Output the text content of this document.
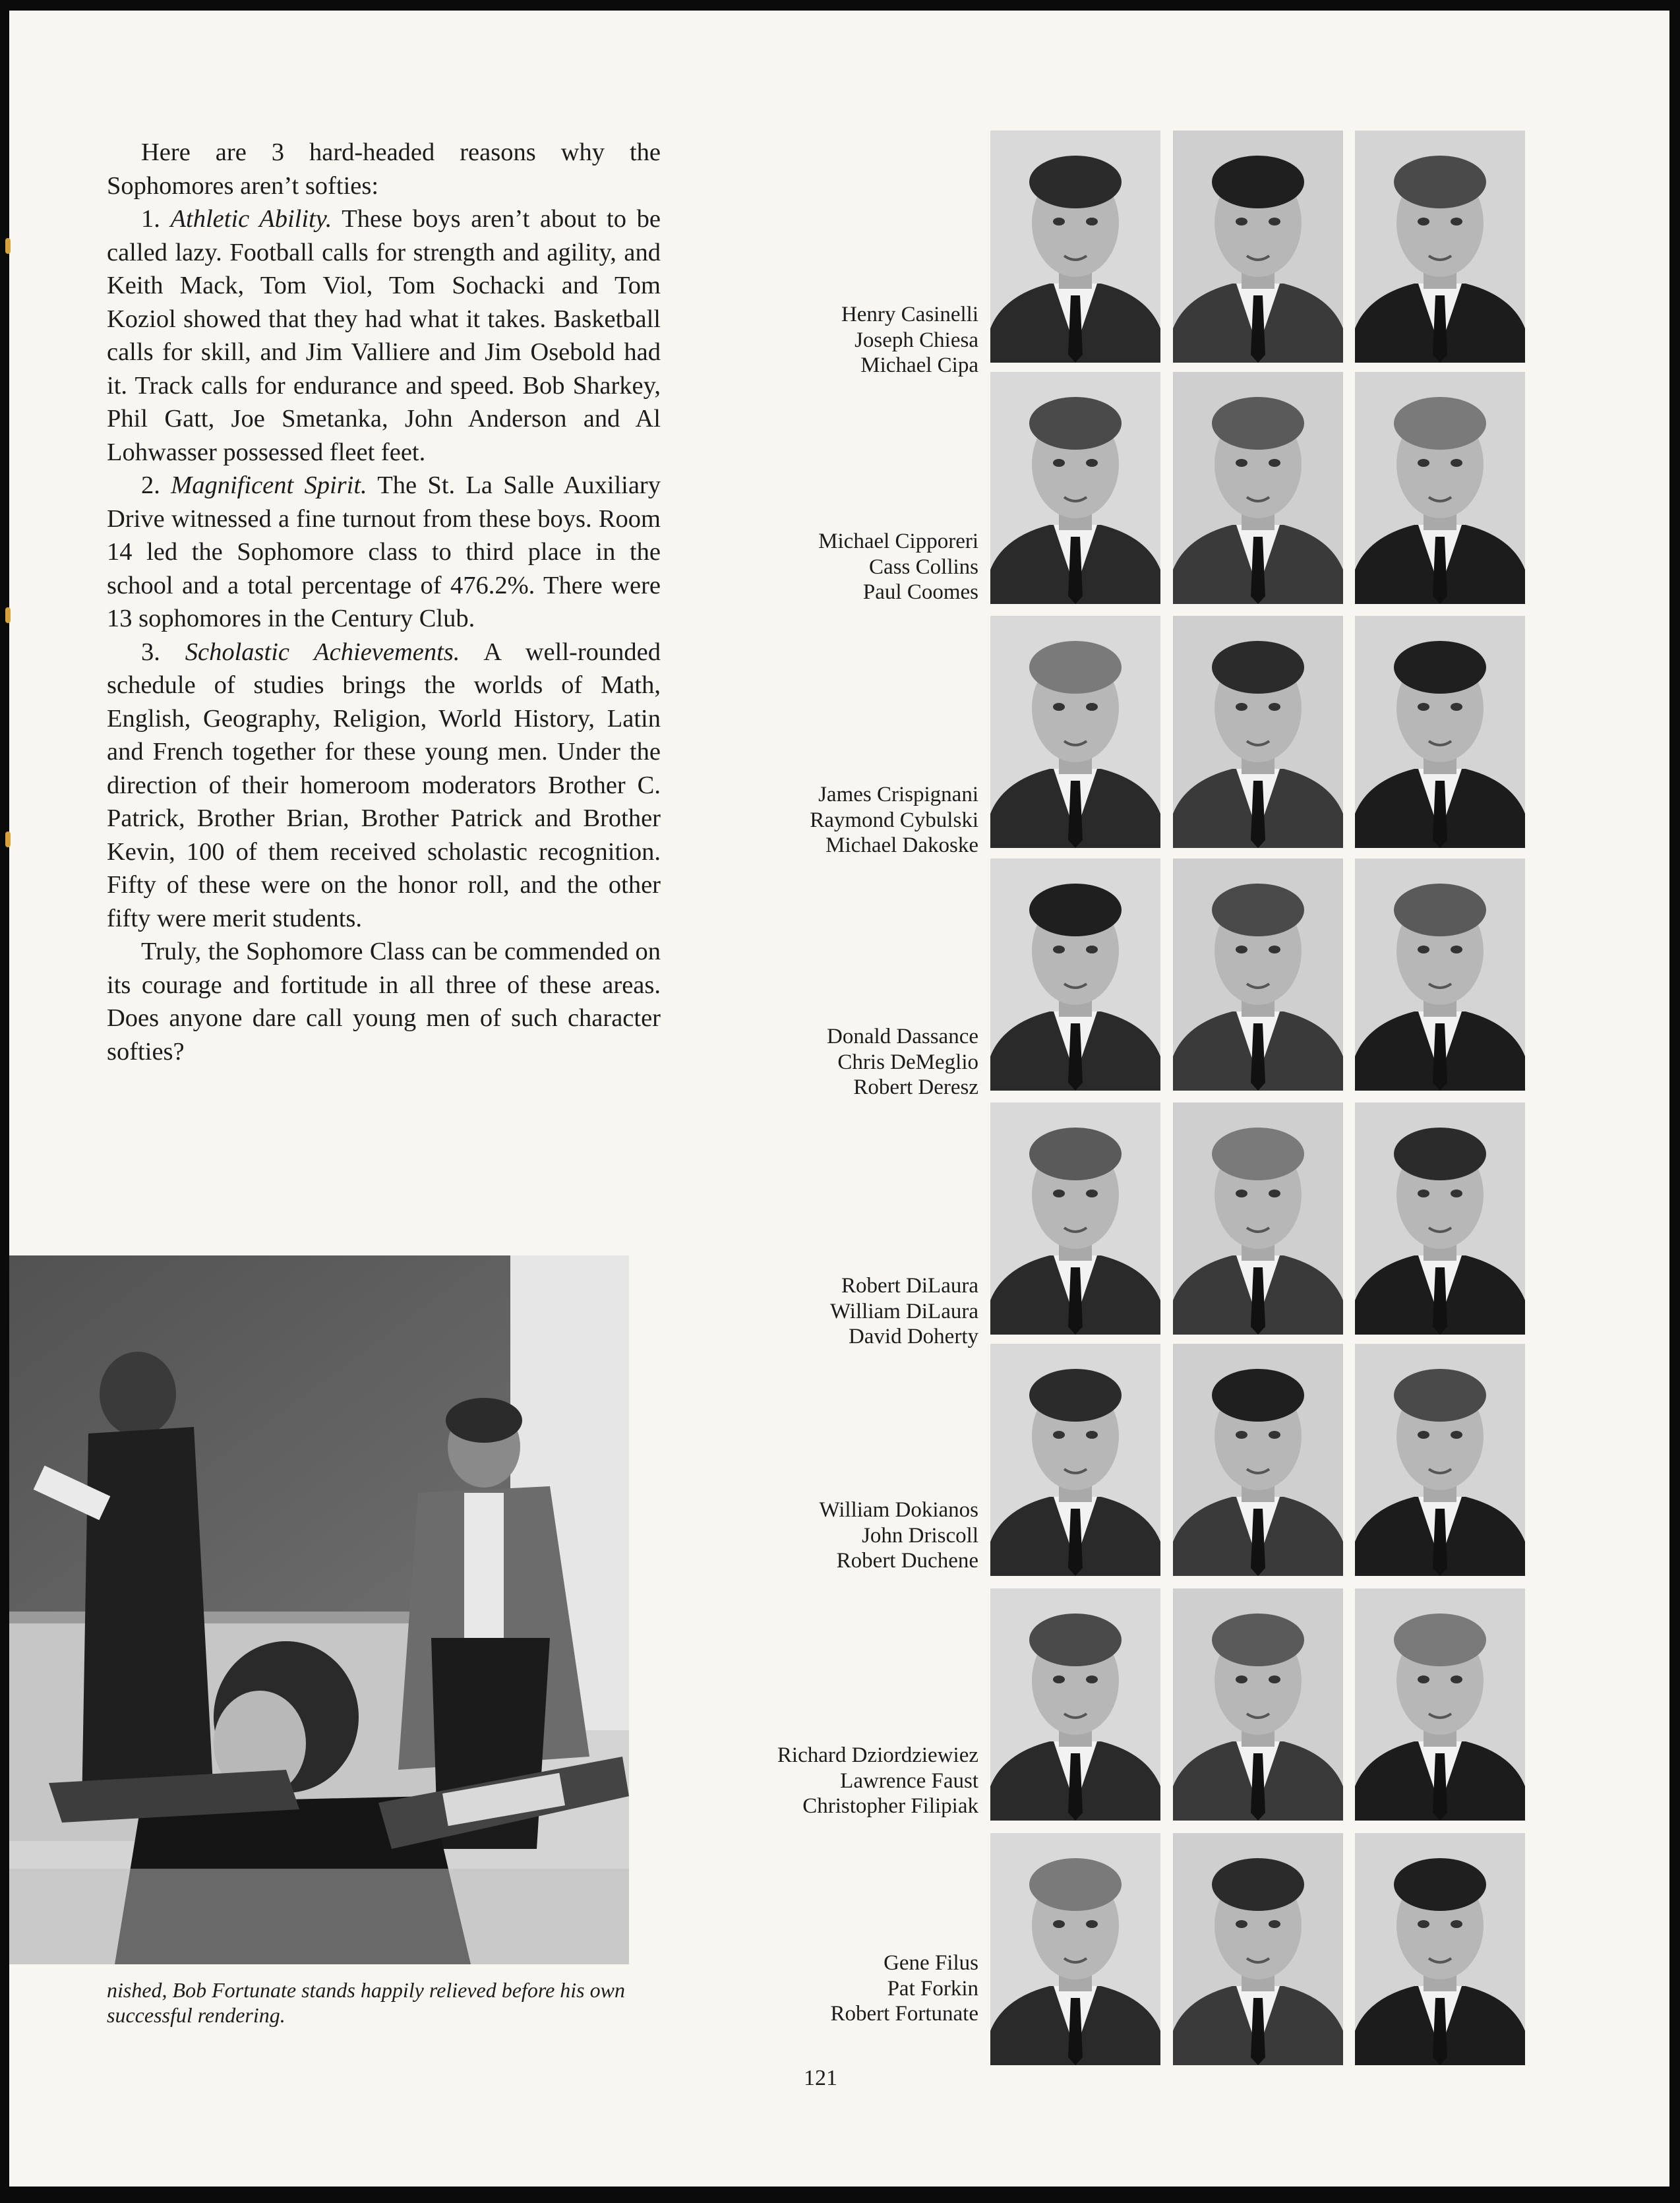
Here are 3 hard-headed reasons why the Sophomores aren’t softies:

1. Athletic Ability. These boys aren’t about to be called lazy. Football calls for strength and agility, and Keith Mack, Tom Viol, Tom Sochacki and Tom Koziol showed that they had what it takes. Basketball calls for skill, and Jim Valliere and Jim Osebold had it. Track calls for endurance and speed. Bob Sharkey, Phil Gatt, Joe Smetanka, John Anderson and Al Lohwasser possessed fleet feet.

2. Magnificent Spirit. The St. La Salle Auxiliary Drive witnessed a fine turnout from these boys. Room 14 led the Sophomore class to third place in the school and a total percentage of 476.2%. There were 13 sophomores in the Century Club.

3. Scholastic Achievements. A well-rounded schedule of studies brings the worlds of Math, English, Geography, Religion, World History, Latin and French together for these young men. Under the direction of their homeroom moderators Brother C. Patrick, Brother Brian, Brother Patrick and Brother Kevin, 100 of them received scholastic recognition. Fifty of these were on the honor roll, and the other fifty were merit students.

Truly, the Sophomore Class can be commended on its courage and fortitude in all three of these areas. Does anyone dare call young men of such character softies?

nished, Bob Fortunate stands happily relieved before his own successful rendering.
Henry Casinelli
Joseph Chiesa
Michael Cipa
Michael Cipporeri
Cass Collins
Paul Coomes
James Crispignani
Raymond Cybulski
Michael Dakoske
Donald Dassance
Chris DeMeglio
Robert Deresz
Robert DiLaura
William DiLaura
David Doherty
William Dokianos
John Driscoll
Robert Duchene
Richard Dziordziewiez
Lawrence Faust
Christopher Filipiak
Gene Filus
Pat Forkin
Robert Fortunate
121
